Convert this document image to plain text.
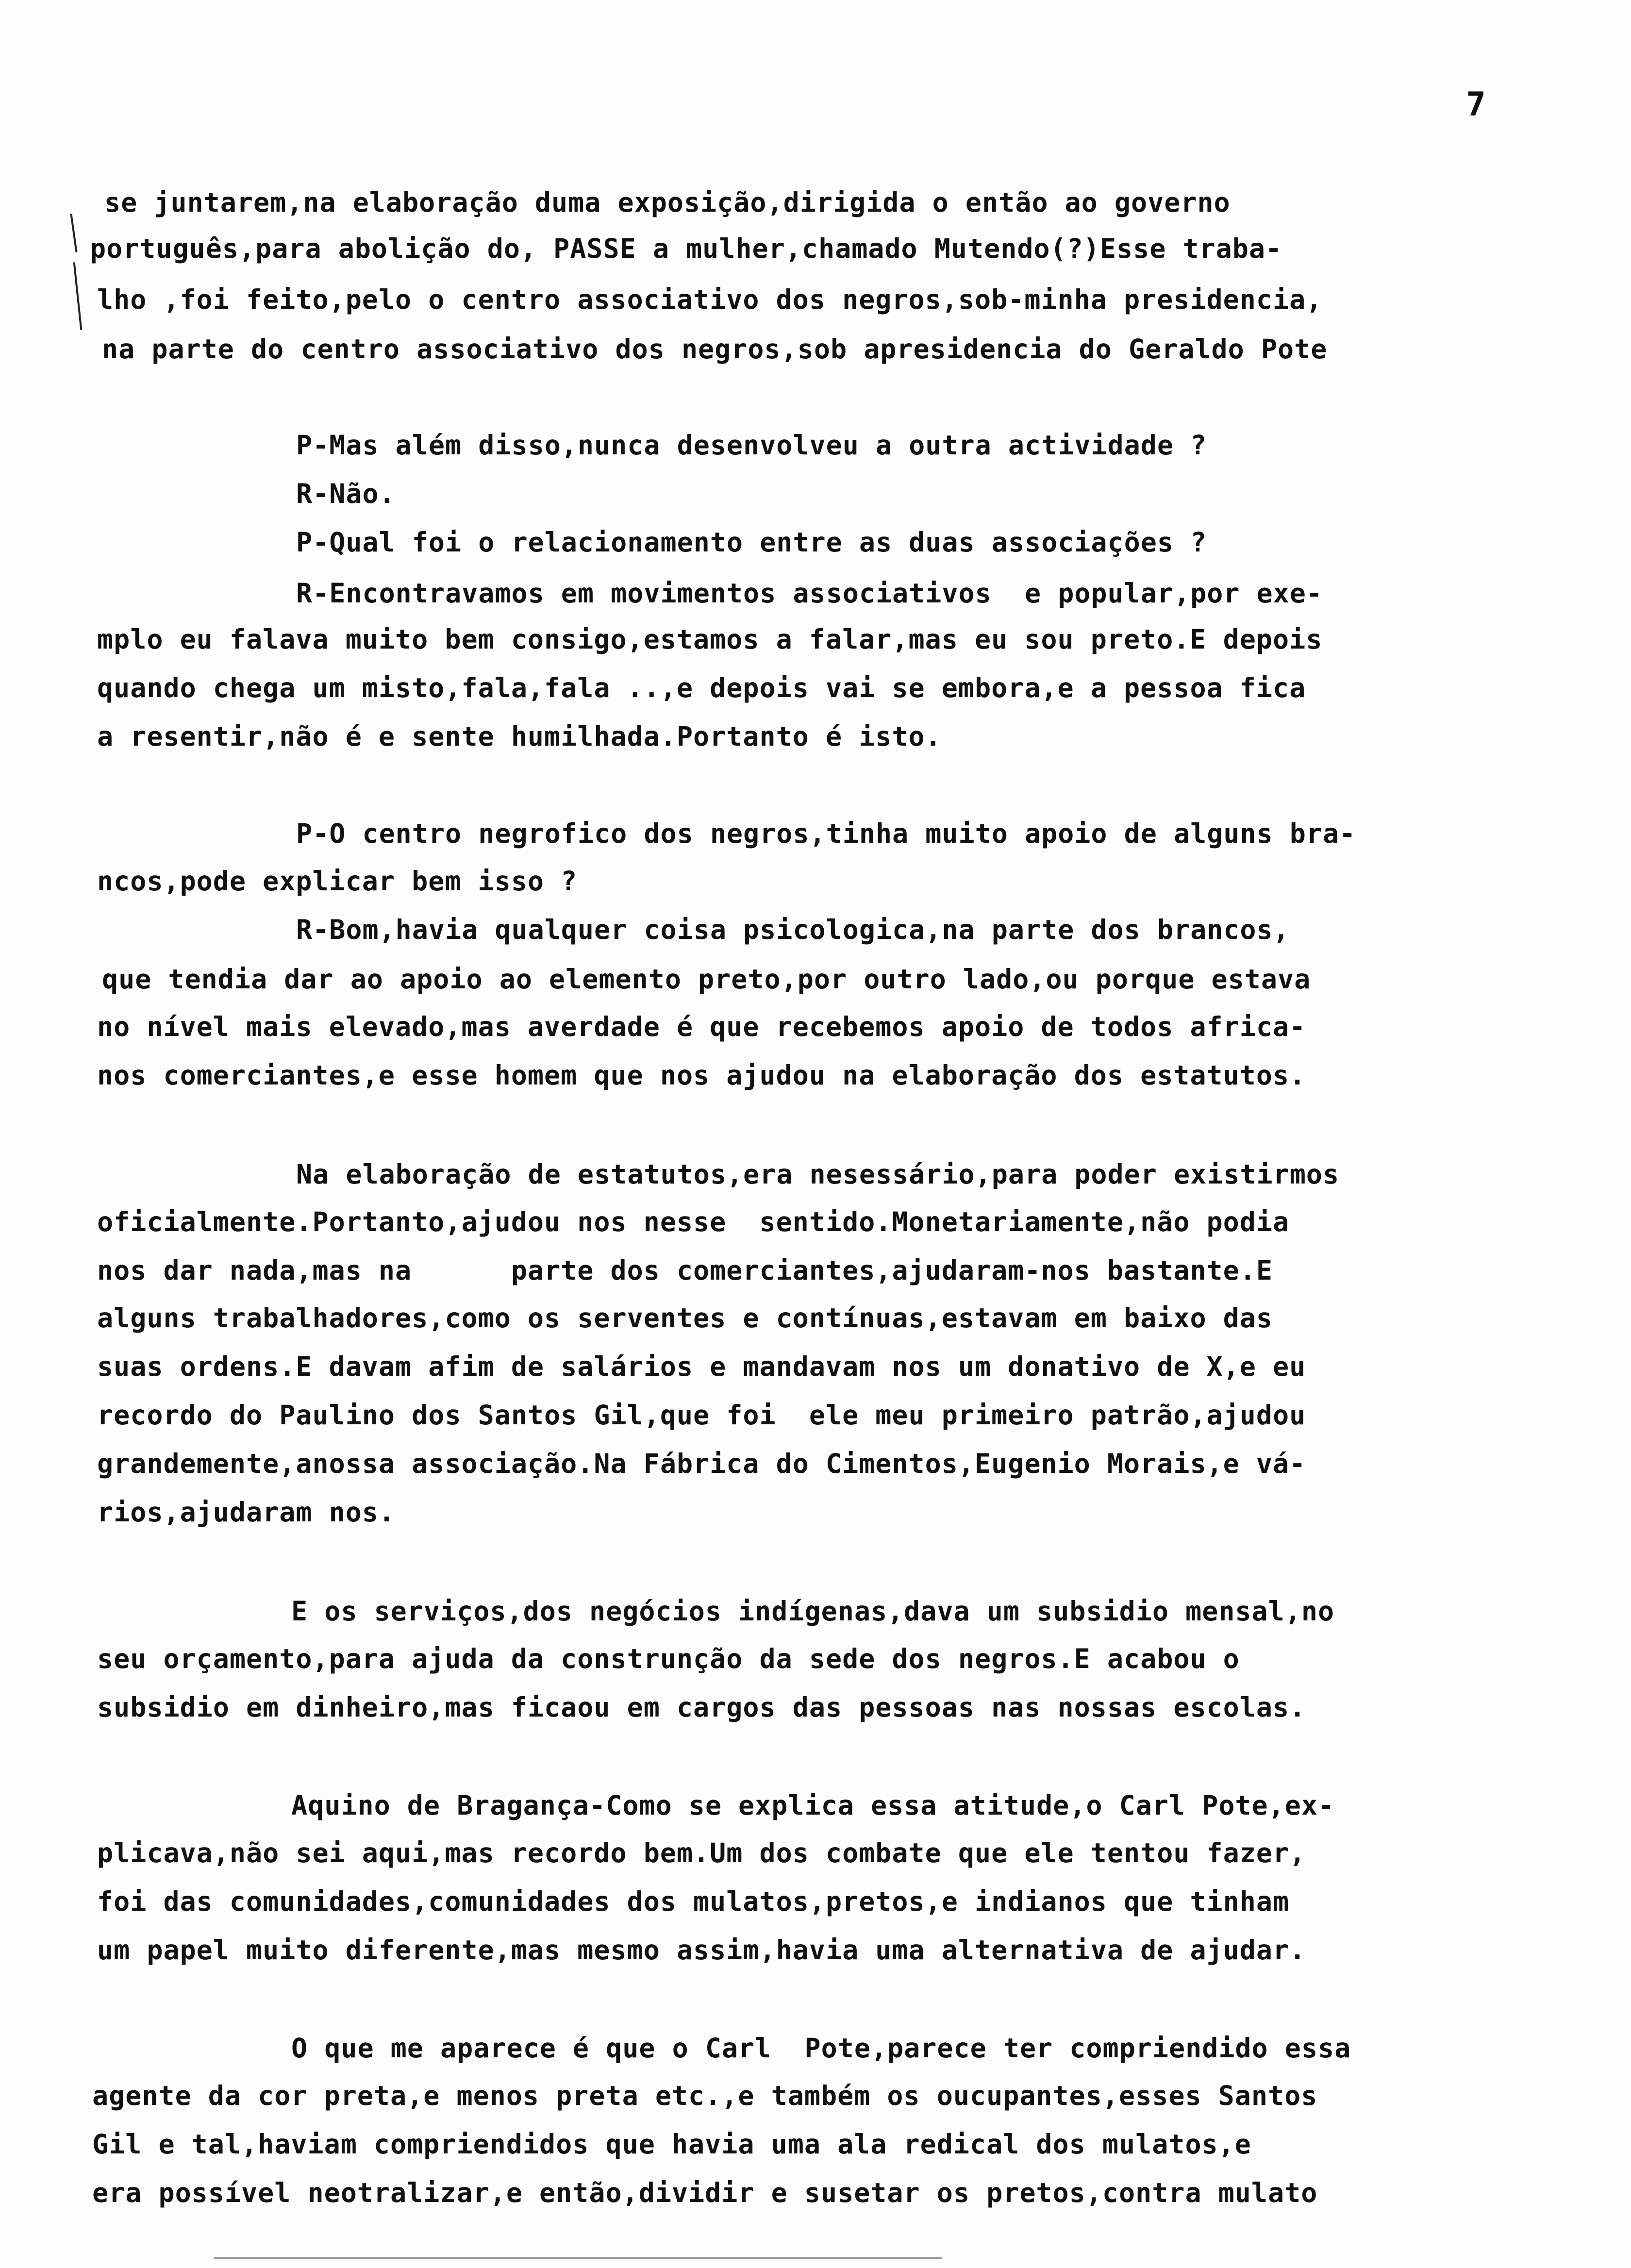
7
se juntarem,na elaboração duma exposição,dirigida o então ao governo
português,para abolição do, PASSE a mulher,chamado Mutendo(?)Esse traba-
lho ,foi feito,pelo o centro associativo dos negros,sob-minha presidencia,
na parte do centro associativo dos negros,sob apresidencia do Geraldo Pote
P-Mas além disso,nunca desenvolveu a outra actividade ?
R-Não.
P-Qual foi o relacionamento entre as duas associações ?
R-Encontravamos em movimentos associativos  e popular,por exe-
mplo eu falava muito bem consigo,estamos a falar,mas eu sou preto.E depois
quando chega um misto,fala,fala ..,e depois vai se embora,e a pessoa fica
a resentir,não é e sente humilhada.Portanto é isto.
P-O centro negrofico dos negros,tinha muito apoio de alguns bra-
ncos,pode explicar bem isso ?
R-Bom,havia qualquer coisa psicologica,na parte dos brancos,
que tendia dar ao apoio ao elemento preto,por outro lado,ou porque estava
no nível mais elevado,mas averdade é que recebemos apoio de todos africa-
nos comerciantes,e esse homem que nos ajudou na elaboração dos estatutos.
Na elaboração de estatutos,era nesessário,para poder existirmos
oficialmente.Portanto,ajudou nos nesse  sentido.Monetariamente,não podia
nos dar nada,mas na      parte dos comerciantes,ajudaram-nos bastante.E
alguns trabalhadores,como os serventes e contínuas,estavam em baixo das
suas ordens.E davam afim de salários e mandavam nos um donativo de X,e eu
recordo do Paulino dos Santos Gil,que foi  ele meu primeiro patrão,ajudou
grandemente,anossa associação.Na Fábrica do Cimentos,Eugenio Morais,e vá-
rios,ajudaram nos.
E os serviços,dos negócios indígenas,dava um subsidio mensal,no
seu orçamento,para ajuda da construnção da sede dos negros.E acabou o
subsidio em dinheiro,mas ficaou em cargos das pessoas nas nossas escolas.
Aquino de Bragança-Como se explica essa atitude,o Carl Pote,ex-
plicava,não sei aqui,mas recordo bem.Um dos combate que ele tentou fazer,
foi das comunidades,comunidades dos mulatos,pretos,e indianos que tinham
um papel muito diferente,mas mesmo assim,havia uma alternativa de ajudar.
O que me aparece é que o Carl  Pote,parece ter compriendido essa
agente da cor preta,e menos preta etc.,e também os oucupantes,esses Santos
Gil e tal,haviam compriendidos que havia uma ala redical dos mulatos,e
era possível neotralizar,e então,dividir e susetar os pretos,contra mulato
